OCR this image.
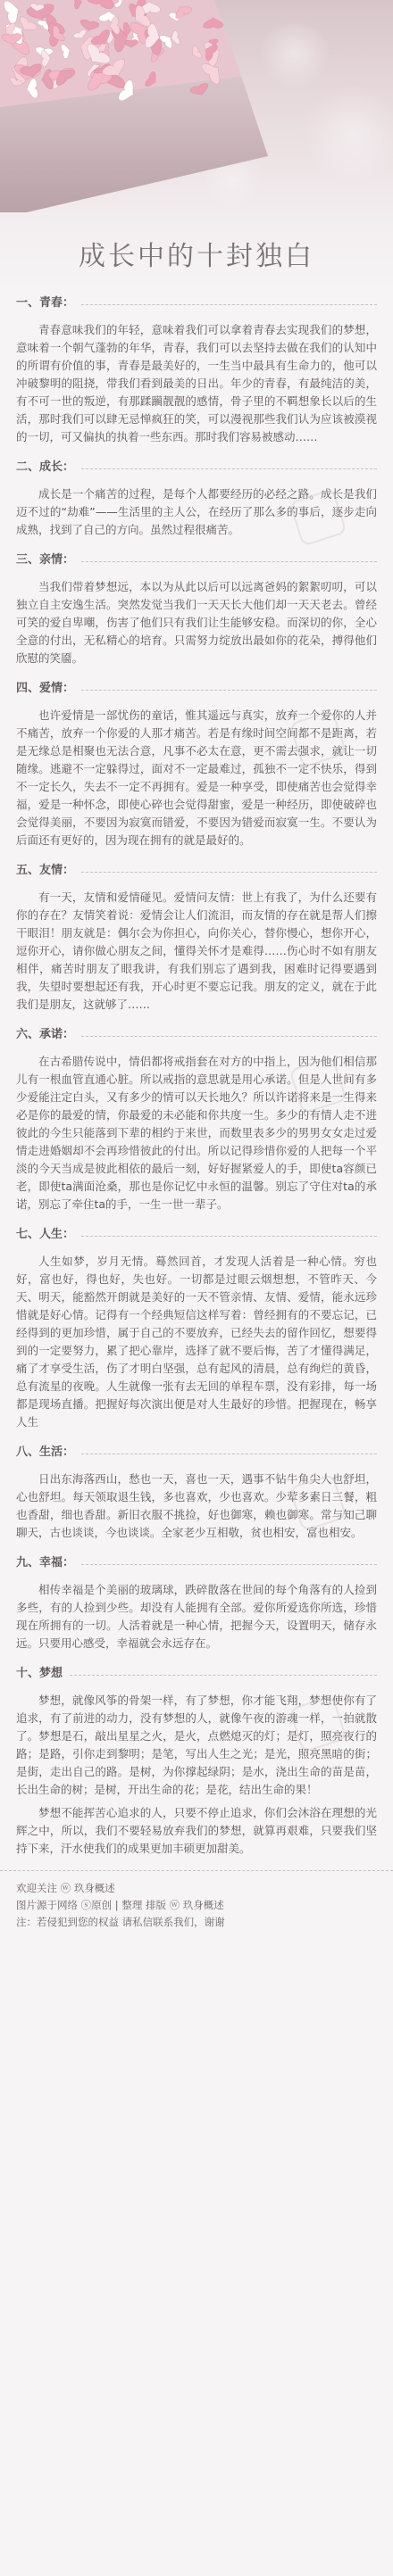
成长中的十封独白
一、青春：

青春意味我们的年轻，意味着我们可以拿着青春去实现我们的梦想，意味着一个朝气蓬勃的年华，青春，我们可以去坚持去做在我们的认知中的所谓有价值的事，青春是最美好的，一生当中最具有生命力的，他可以冲破黎明的阻挠，带我们看到最美的日出。年少的青春，有最纯洁的美，有不可一世的叛逆，有那蹂躏靓靓的感情，骨子里的不羁想象长以后的生活，那时我们可以肆无忌惮疯狂的笑，可以漫视那些我们认为应该被漠视的一切，可又偏执的执着一些东西。那时我们容易被感动……

二、成长：

成长是一个痛苦的过程，是每个人都要经历的必经之路。成长是我们迈不过的“劫难”——生活里的主人公，在经历了那么多的事后，逐步走向成熟，找到了自己的方向。虽然过程很痛苦。

三、亲情：

当我们带着梦想远，本以为从此以后可以远离爸妈的絮絮叨叨，可以独立自主安逸生活。突然发觉当我们一天天长大他们却一天天老去。曾经可笑的爱自卑嘲，伤害了他们只有我们让生能够安稳。而深切的你，全心全意的付出，无私精心的培育。只需努力绽放出最如你的花朵，搏得他们欣慰的笑靥。

四、爱情：

也许爱情是一部忧伤的童话，惟其遥远与真实，放弃一个爱你的人并不痛苦，放弃一个你爱的人那才痛苦。若是有缘时间空间都不是距离，若是无缘总是相聚也无法合意，凡事不必太在意，更不需去强求，就让一切随缘。逃避不一定躲得过，面对不一定最难过，孤独不一定不快乐，得到不一定长久，失去不一定不再拥有。爱是一种享受，即使痛苦也会觉得幸福，爱是一种怀念，即使心碎也会觉得甜蜜，爱是一种经历，即使破碎也会觉得美丽，不要因为寂寞而错爱，不要因为错爱而寂寞一生。不要认为后面还有更好的，因为现在拥有的就是最好的。

五、友情：

有一天，友情和爱情碰见。爱情问友情：世上有我了，为什么还要有你的存在？友情笑着说：爱情会让人们流泪，而友情的存在就是帮人们擦干眼泪！朋友就是：偶尔会为你担心，向你关心，替你慢心，想你开心，逗你开心，请你做心朋友之间，懂得关怀才是难得……伤心时不如有朋友相伴，痛苦时朋友了眼我讲，有我们别忘了遇到我，困难时记得要遇到我，失望时要想起还有我，开心时更不要忘记我。朋友的定义，就在于此我们是朋友，这就够了……

六、承诺：

在古希腊传说中，情侣都将戒指套在对方的中指上，因为他们相信那儿有一根血管直通心脏。所以戒指的意思就是用心承诺。但是人世间有多少爱能注定白头，又有多少的情可以天长地久？所以许诺将来是一生得来必是你的最爱的情，你最爱的未必能和你共度一生。多少的有情人走不进彼此的今生只能落到下辈的相约于来世，而数里表多少的男男女女走过爱情走进婚姻却不会再珍惜彼此的付出。所以记得珍惜你爱的人把每一个平淡的今天当成是彼此相依的最后一刻，好好握紧爱人的手，即使ta容颜已老，即使ta满面沧桑，那也是你记忆中永恒的温馨。别忘了守住对ta的承诺，别忘了牵住ta的手，一生一世一辈子。

七、人生：

人生如梦，岁月无情。蓦然回首，才发现人活着是一种心情。穷也好，富也好，得也好，失也好。一切都是过眼云烟想想，不管昨天、今天、明天，能豁然开朗就是美好的一天不管亲情、友情、爱情，能永远珍惜就是好心情。记得有一个经典短信这样写着：曾经拥有的不要忘记，已经得到的更加珍惜，属于自己的不要放弃，已经失去的留作回忆，想要得到的一定要努力，累了把心靠岸，选择了就不要后悔，苦了才懂得满足，痛了才享受生活，伤了才明白坚强，总有起风的清晨，总有绚烂的黄昏，总有流星的夜晚。人生就像一张有去无回的单程车票，没有彩排，每一场都是现场直播。把握好每次演出便是对人生最好的珍惜。把握现在，畅享人生

八、生活：

日出东海落西山，愁也一天，喜也一天，遇事不钻牛角尖人也舒坦，心也舒坦。每天领取退生钱，多也喜欢，少也喜欢。少荤多素日三餐，粗也香甜，细也香甜。新旧衣服不挑捡，好也御寒，赖也御寒。常与知己聊聊天，古也谈谈，今也谈谈。全家老少互相敬，贫也相安，富也相安。

九、幸福：

相传幸福是个美丽的玻璃球，跌碎散落在世间的每个角落有的人捡到多些，有的人捡到少些。却没有人能拥有全部。爱你所爱选你所选，珍惜现在所拥有的一切。人活着就是一种心情，把握今天，设置明天，储存永远。只要用心感受，幸福就会永远存在。

十、梦想

梦想，就像风筝的骨架一样，有了梦想，你才能飞翔，梦想使你有了追求，有了前进的动力，没有梦想的人，就像午夜的游魂一样，一拍就散了。梦想是石，敲出星星之火，是火，点燃熄灭的灯；是灯，照亮夜行的路；是路，引你走到黎明；是笔，写出人生之光；是光，照亮黑暗的街；是街，走出自己的路。是树，为你撑起绿阴；是水，浇出生命的苗是苗，长出生命的树；是树，开出生命的花；是花，结出生命的果！

梦想不能挥苦心追求的人，只要不停止追求，你们会沐浴在理想的光辉之中，所以，我们不要轻易放弃我们的梦想，就算再艰难，只要我们坚持下来，汗水使我们的成果更加丰硕更加甜美。

欢迎关注 ⓦ 玖身概述
图片源于网络 ⓢ原创 | 整理 排版 ⓦ 玖身概述
注：若侵犯到您的权益 请私信联系我们，谢谢
